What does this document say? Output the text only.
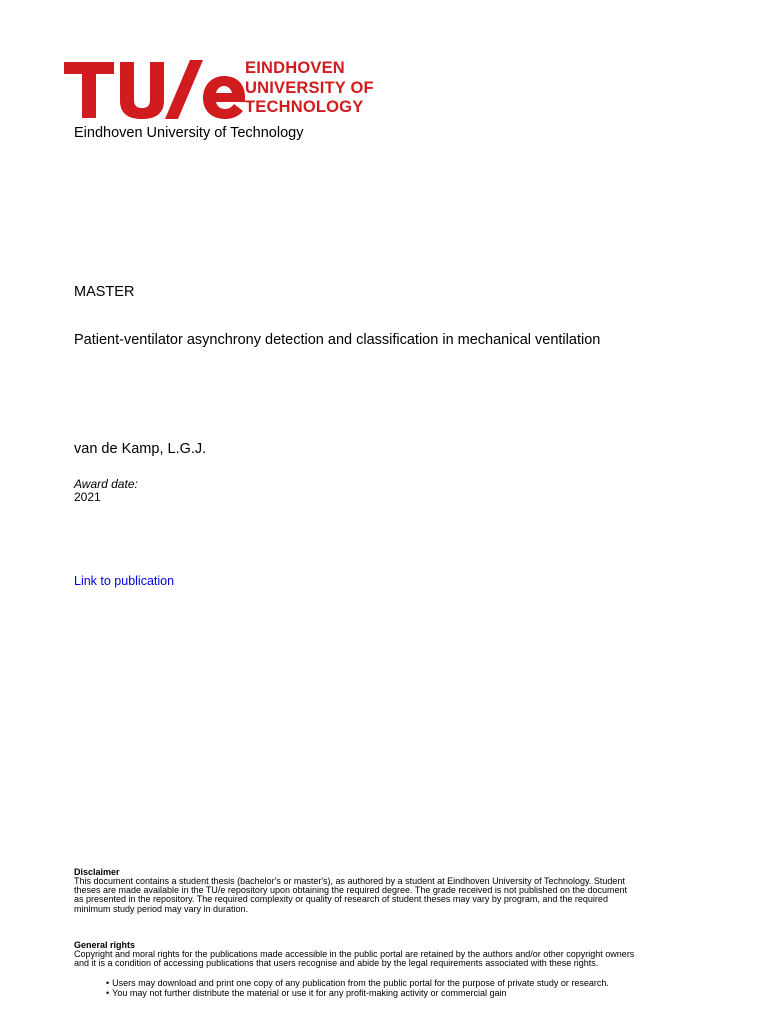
EINDHOVEN
UNIVERSITY OF
TECHNOLOGY
Eindhoven University of Technology
MASTER
Patient-ventilator asynchrony detection and classification in mechanical ventilation
van de Kamp, L.G.J.
Award date:
2021
Link to publication

Disclaimer

This document contains a student thesis (bachelor's or master's), as authored by a student at Eindhoven University of Technology. Student

theses are made available in the TU/e repository upon obtaining the required degree. The grade received is not published on the document

as presented in the repository. The required complexity or quality of research of student theses may vary by program, and the required

minimum study period may vary in duration.

General rights

Copyright and moral rights for the publications made accessible in the public portal are retained by the authors and/or other copyright owners

and it is a condition of accessing publications that users recognise and abide by the legal requirements associated with these rights.

• Users may download and print one copy of any publication from the public portal for the purpose of private study or research.
• You may not further distribute the material or use it for any profit-making activity or commercial gain
